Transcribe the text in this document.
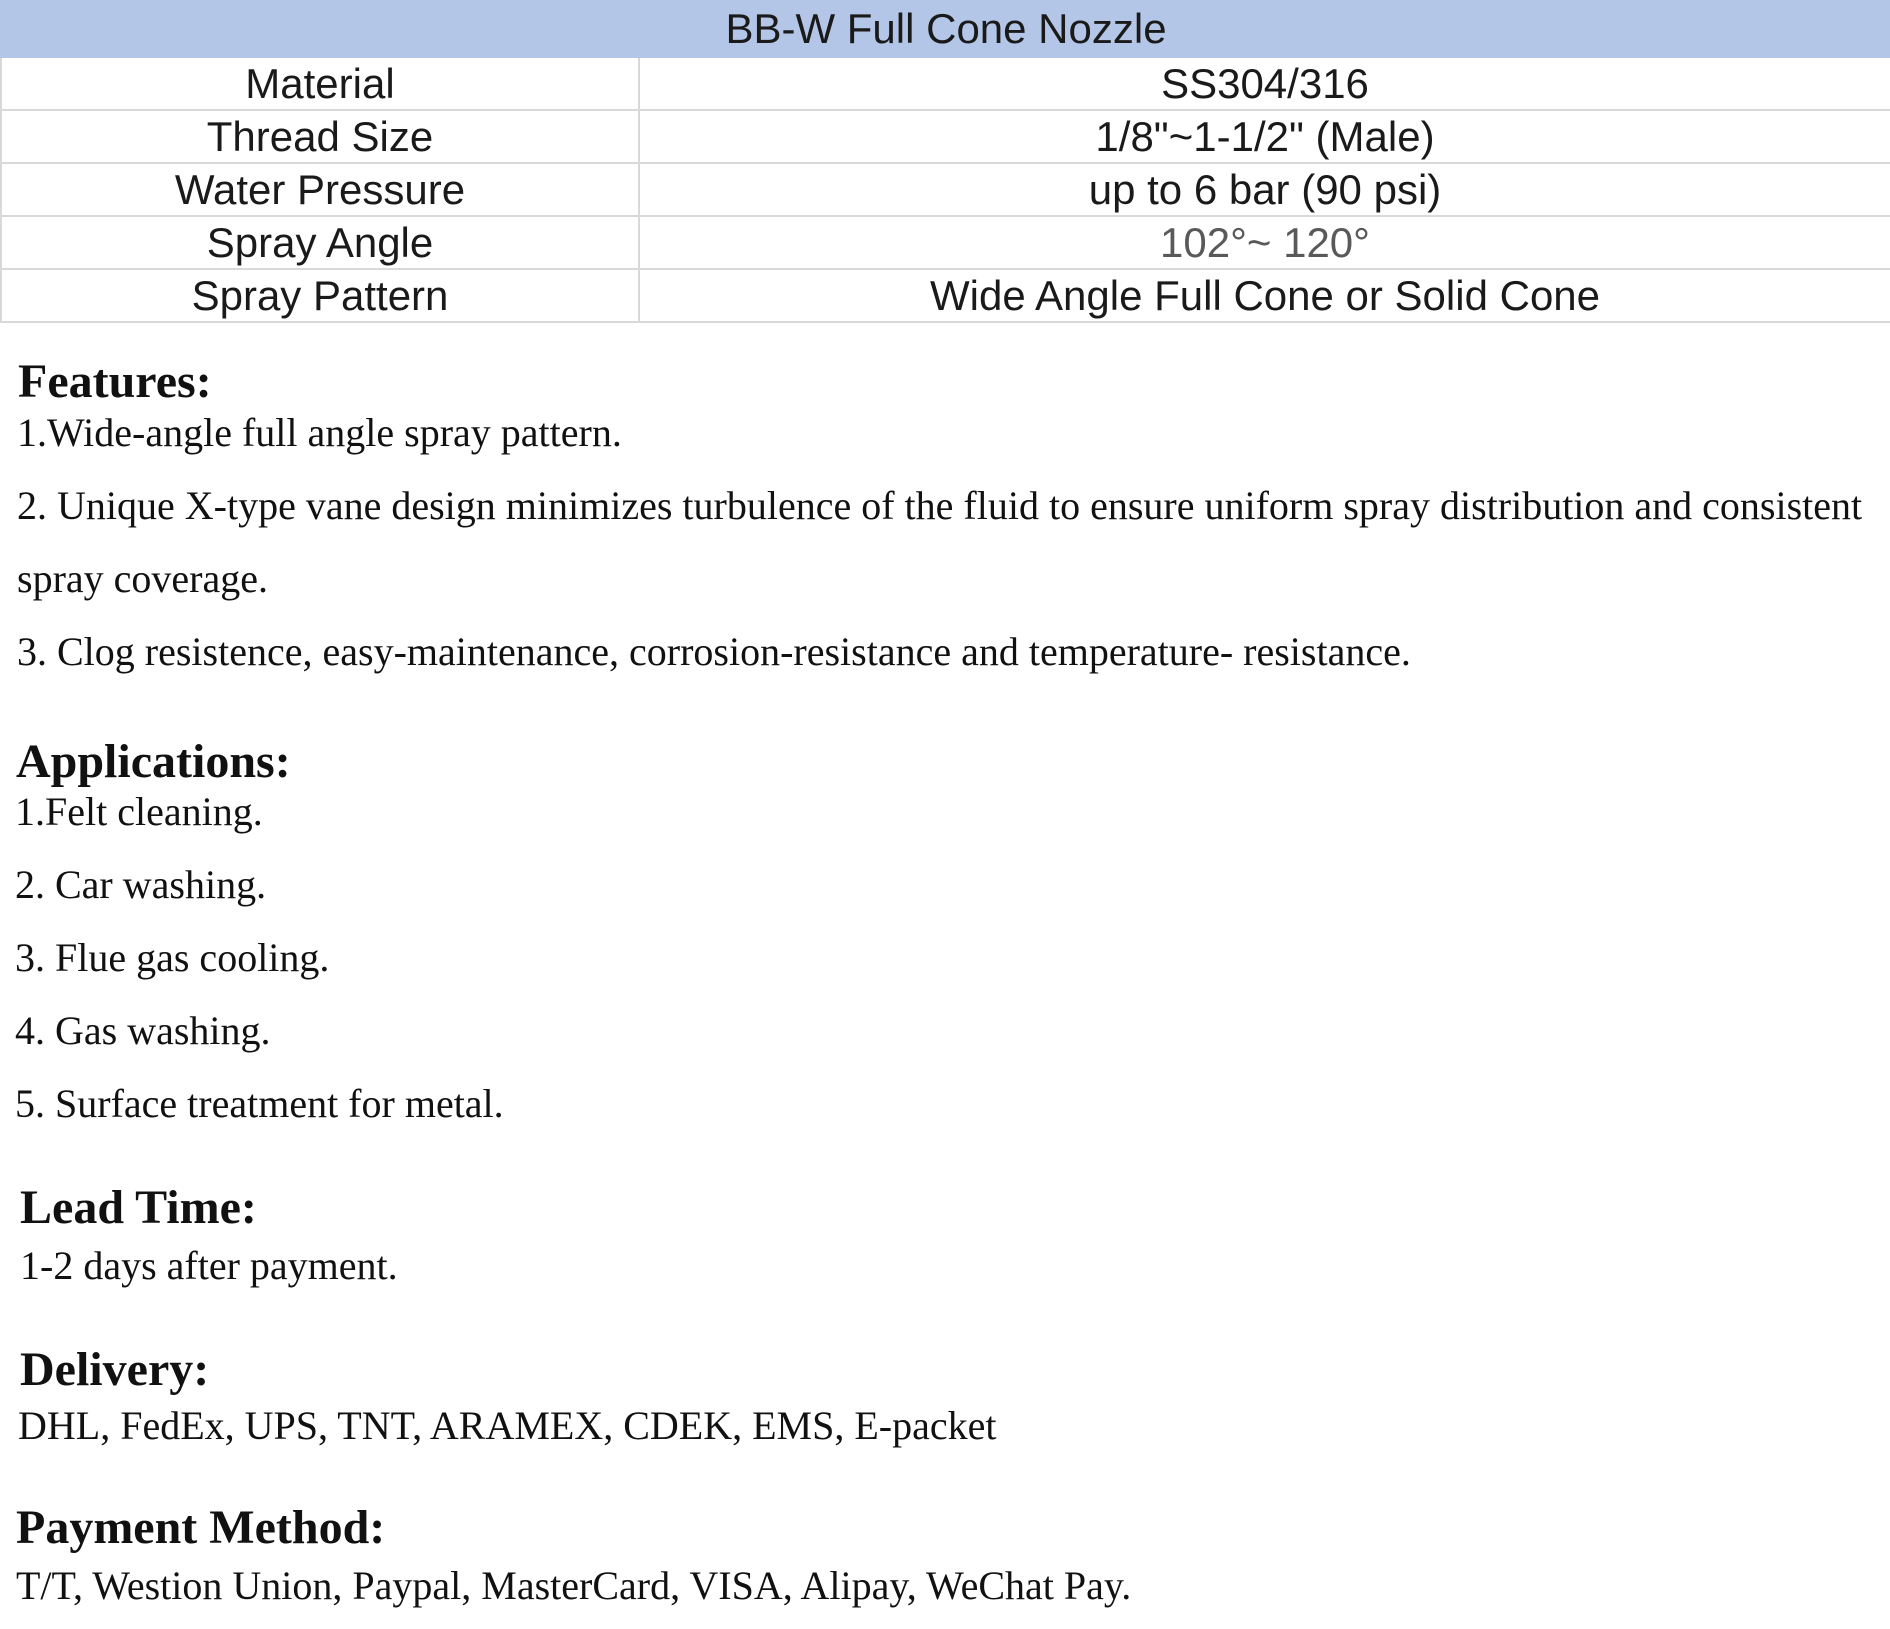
BB-W Full Cone Nozzle	
Material	SS304/316
Thread Size	1/8"~1-1/2" (Male)
Water Pressure	up to 6 bar (90 psi)
Spray Angle	102°~ 120°
Spray Pattern	Wide Angle Full Cone or Solid Cone
Features:

1.Wide-angle full angle spray pattern.

2. Unique X-type vane design minimizes turbulence of the fluid to ensure uniform spray distribution and consistent spray coverage.

3. Clog resistence, easy-maintenance, corrosion-resistance and temperature- resistance.

Applications:

1.Felt cleaning.

2. Car washing.

3. Flue gas cooling.

4. Gas washing.

5. Surface treatment for metal.

Lead Time:

1-2 days after payment.

Delivery:

DHL, FedEx, UPS, TNT, ARAMEX, CDEK, EMS, E-packet

Payment Method:

T/T, Westion Union, Paypal, MasterCard, VISA, Alipay, WeChat Pay.
